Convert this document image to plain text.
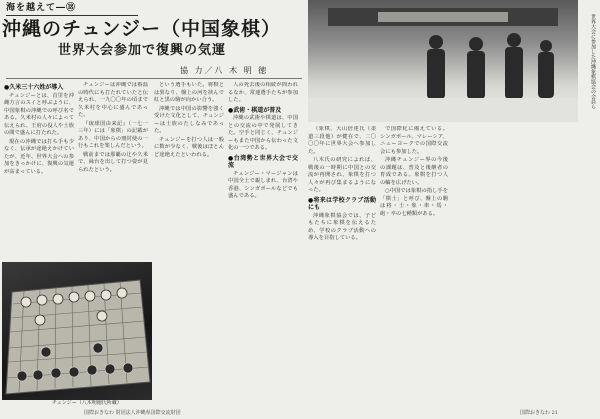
海を越えて―⑱
沖縄のチュンジー（中国象棋）
世界大会参加で復興の気運
協 力／八 木 明 徳

●久米三十六姓が導入

チュンジーとは、首里を沖縄方言のスイと呼ぶように、中国象棋の沖縄での呼び名である。久米村の人々によって伝えられ、王府の役人や士族の間で盛んに打たれた。

現在の沖縄では打ち手も少なく、伝承が途絶えかけていたが、近年、世界大会への参加をきっかけに、復興の気運が高まっている。

チュンジーは沖縄では蔡温の時代にも打たれていたと伝えられ、一九〇〇年の頃まで久米村を中心に盛んであった。

『琉球国由来記』（一七一三年）には「象棋」の記載があり、中国からの冊封使の一行もこれを楽しんだという。

戦前までは那覇の辻や久米で、縁台を出して打つ姿が見られたという。

という選手もいた。将棋とは異なり、盤上の河を挟んで紅と黒の駒が向かい合う。

沖縄では中国の影響を強く受けた文化として、チュンジーは士族のたしなみであった。

チュンジーを打つ人は一般に数が少なく、戦後はほとんど途絶えたといわれる。

人の死去後の相続が問われるなか、常連選手たちが参加した。

●武術・棋道が普及

沖縄の武術や棋道は、中国との交流の中で発展してきた。空手と同じく、チュンジーもまた中国から伝わった文化の一つである。

●台湾勢と世界大会で交流

チュンジー・マージャンは中国全土で親しまれ、台湾や香港、シンガポールなどでも盛んである。

チュンジー（八木明徳氏所蔵）
世界大会に参加した沖縄象棋協会の会員ら

（象棋、大山倍達氏（柔道三段他）が健在で、二〇〇〇年に世界大会へ参加した。

八木氏の研究によれば、戦後の一時期に中国との交流が再開され、象棋を打つ人々が再び集まるようになった。

●将来は学校クラブ活動にも

沖縄象棋協会では、子どもたちに象棋を伝えるため、学校のクラブ活動への導入を目指している。

で国際化に備えている。シンガポール、マレーシア、ニューヨークでの国際交流会にも参加した。

沖縄チュンジー界の今後の課題は、普及と後継者の育成である。象棋を打つ人の輪を広げたい。

○中国では象棋の指し手を「棋士」と呼び、盤上の駒は将・士・象・車・馬・砲・卒の七種類がある。

国際おきなわ 財団法人沖縄県国際交流財団	国際おきなわ 21
